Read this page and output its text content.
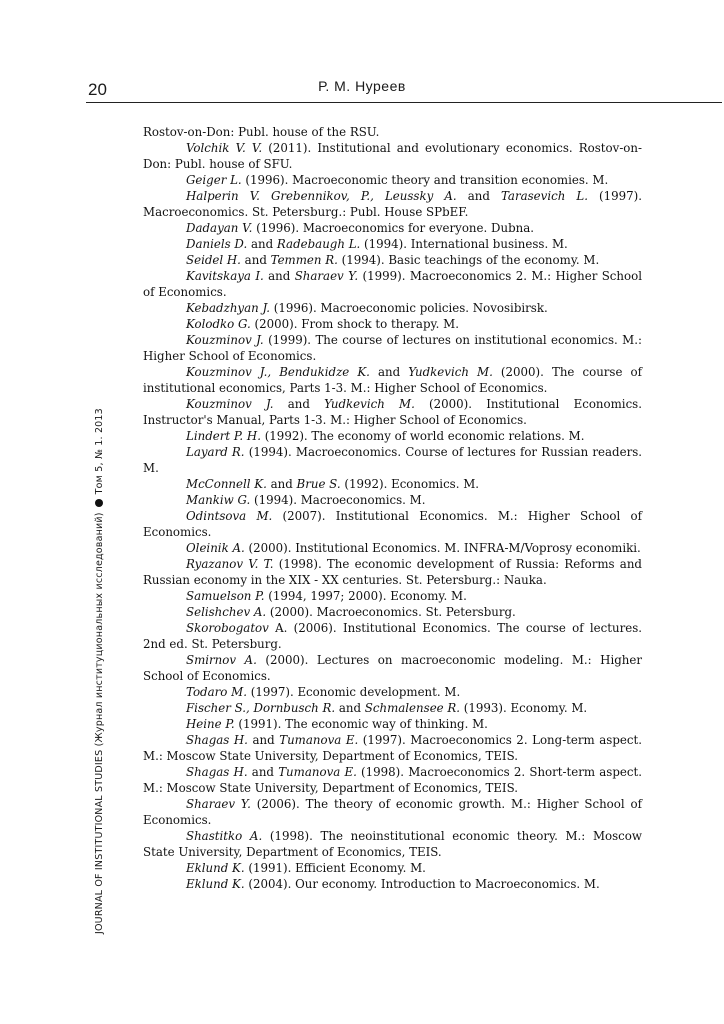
20	Р. М. Нуреев
JOURNAL OF INSTITUTIONAL STUDIES (Журнал институциональных исследований)Том 5, № 1. 2013

Rostov-on-Don: Publ. house of the RSU.

Volchik V. V. (2011). Institutional and evolutionary economics. Rostov-on-Don: Publ. house of SFU.

Geiger L. (1996). Macroeconomic theory and transition economies. M.

Halperin V. Grebennikov, P., Leussky A. and Tarasevich L. (1997). Macroeconomics. St. Petersburg.: Publ. House SPbEF.

Dadayan V. (1996). Macroeconomics for everyone. Dubna.

Daniels D. and Radebaugh L. (1994). International business. M.

Seidel H. and Temmen R. (1994). Basic teachings of the economy. M.

Kavitskaya I. and Sharaev Y. (1999). Macroeconomics 2. M.: Higher School of Economics.

Kebadzhyan J. (1996). Macroeconomic policies. Novosibirsk.

Kolodko G. (2000). From shock to therapy. M.

Kouzminov J. (1999). The course of lectures on institutional economics. M.: Higher School of Economics.

Kouzminov J., Bendukidze K. and Yudkevich M. (2000). The course of institutional economics, Parts 1-3. M.: Higher School of Economics.

Kouzminov J. and Yudkevich M. (2000). Institutional Economics. Instructor's Manual, Parts 1-3. M.: Higher School of Economics.

Lindert P. H. (1992). The economy of world economic relations. M.

Layard R. (1994). Macroeconomics. Course of lectures for Russian readers. M.

McConnell K. and Brue S. (1992). Economics. M.

Mankiw G. (1994). Macroeconomics. M.

Odintsova M. (2007). Institutional Economics. M.: Higher School of Economics.

Oleinik A. (2000). Institutional Economics. M. INFRA-M/Voprosy economiki.

Ryazanov V. T. (1998). The economic development of Russia: Reforms and Russian economy in the XIX - XX centuries. St. Petersburg.: Nauka.

Samuelson P. (1994, 1997; 2000). Economy. M.

Selishchev A. (2000). Macroeconomics. St. Petersburg.

Skorobogatov A. (2006). Institutional Economics. The course of lectures. 2nd ed. St. Petersburg.

Smirnov A. (2000). Lectures on macroeconomic modeling. M.: Higher School of Economics.

Todaro M. (1997). Economic development. M.

Fischer S., Dornbusch R. and Schmalensee R. (1993). Economy. M.

Heine P. (1991). The economic way of thinking. M.

Shagas H. and Tumanova E. (1997). Macroeconomics 2. Long-term aspect. M.: Moscow State University, Department of Economics, TEIS.

Shagas H. and Tumanova E. (1998). Macroeconomics 2. Short-term aspect. M.: Moscow State University, Department of Economics, TEIS.

Sharaev Y. (2006). The theory of economic growth. M.: Higher School of Economics.

Shastitko A. (1998). The neoinstitutional economic theory. M.: Moscow State University, Department of Economics, TEIS.

Eklund K. (1991). Efficient Economy. M.

Eklund K. (2004). Our economy. Introduction to Macroeconomics. M.
